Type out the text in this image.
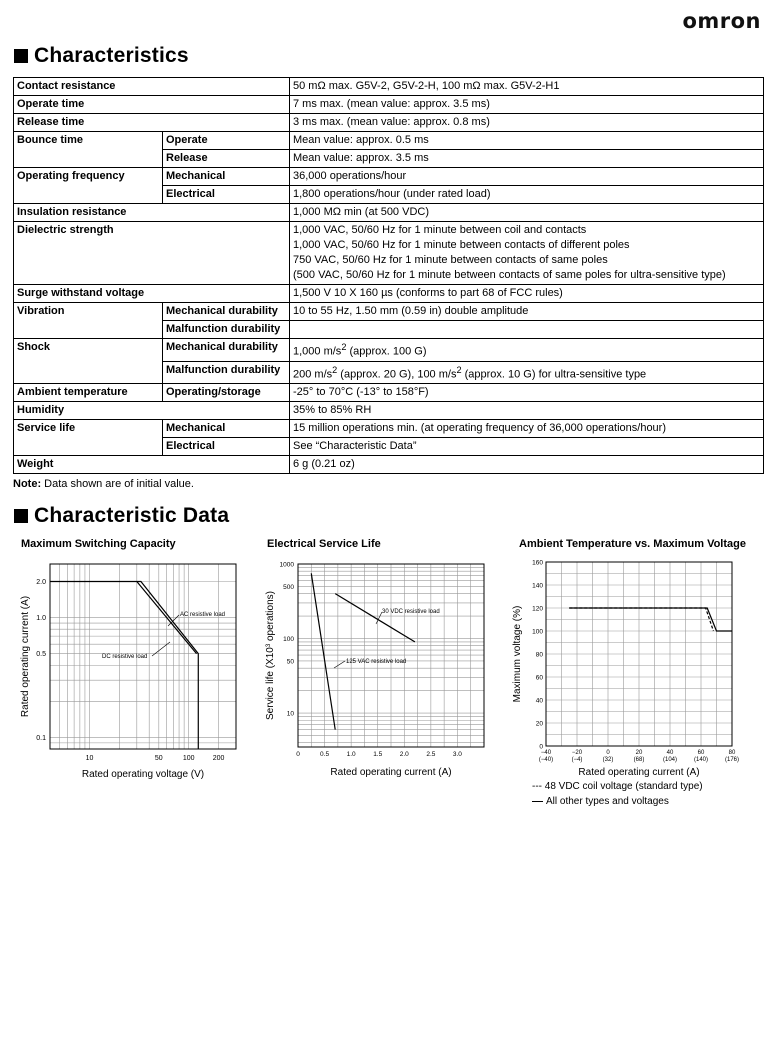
omron
Characteristics
Contact resistance		50 mΩ max. G5V-2, G5V-2-H, 100 mΩ max. G5V-2-H1
Operate time		7 ms max. (mean value: approx. 3.5 ms)
Release time		3 ms max. (mean value: approx. 0.8 ms)
Bounce time	Operate	Mean value: approx. 0.5 ms
	Release	Mean value: approx. 3.5 ms
Operating frequency	Mechanical	36,000 operations/hour
	Electrical	1,800 operations/hour (under rated load)
Insulation resistance		1,000 MΩ min (at 500 VDC)
Dielectric strength		1,000 VAC, 50/60 Hz for 1 minute between coil and contacts
1,000 VAC, 50/60 Hz for 1 minute between contacts of different poles
750 VAC, 50/60 Hz for 1 minute between contacts of same poles
(500 VAC, 50/60 Hz for 1 minute between contacts of same poles for ultra-sensitive type)

Surge withstand voltage		1,500 V 10 X 160 µs (conforms to part 68 of FCC rules)
Vibration	Mechanical durability	10 to 55 Hz, 1.50 mm (0.59 in) double amplitude
	Malfunction durability	
Shock	Mechanical durability	1,000 $m/s^2$ (approx. 100 G)
	Malfunction durability	200 $m/s^2$ (approx. 20 G), 100 $m/s^2$ (approx. 10 G) for ultra-sensitive type
Ambient temperature	Operating/storage	-25° to 70°C (-13° to 158°F)
Humidity		35% to 85% RH
Service life	Mechanical	15 million operations min. (at operating frequency of 36,000 operations/hour)
	Electrical	See “Characteristic Data”
Weight		6 g (0.21 oz)
Note: Data shown are of initial value.
Characteristic Data
Maximum Switching Capacity
10	50	100	200
0.1
0.5
1.0
2.0
Rated operating voltage (V)
Rated operating current (A)	AC resistive load
DC resistive load
Electrical Service Life
0	0.5	1.0	1.5	2.0	2.5	3.0
10
50
100
500
1000
Rated operating current (A)
Service life ($X10^3$ operations)	30 VDC resistive load
125 VAC resistive load
Ambient Temperature vs. Maximum Voltage
−40
(−40)
−20
(−4)
0
(32)
20
(68)
40
(104)
60
(140)
80
(176)
0
20
40
60
80
100
120
140
160
Rated operating current (A)
Maximum voltage (%)
--- 48 VDC coil voltage (standard type)
All other types and voltages
